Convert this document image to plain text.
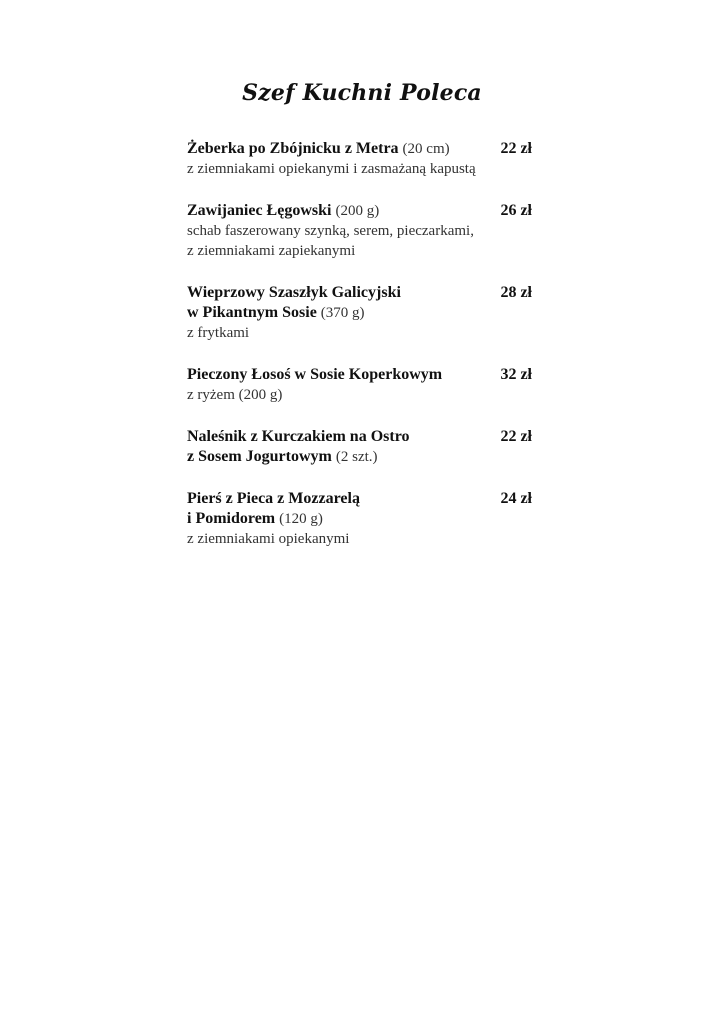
Szef Kuchni Poleca
Żeberka po Zbójnicku z Metra (20 cm)	22 zł
z ziemniakami opiekanymi i zasmażaną kapustą
Zawijaniec Łęgowski (200 g)	26 zł
schab faszerowany szynką, serem, pieczarkami,
z ziemniakami zapiekanymi
Wieprzowy Szaszłyk Galicyjski
w Pikantnym Sosie (370 g)
28 zł
z frytkami
Pieczony Łosoś w Sosie Koperkowym	32 zł
z ryżem (200 g)
Naleśnik z Kurczakiem na Ostro
z Sosem Jogurtowym (2 szt.)
22 zł
Pierś z Pieca z Mozzarelą
i Pomidorem (120 g)
24 zł
z ziemniakami opiekanymi
